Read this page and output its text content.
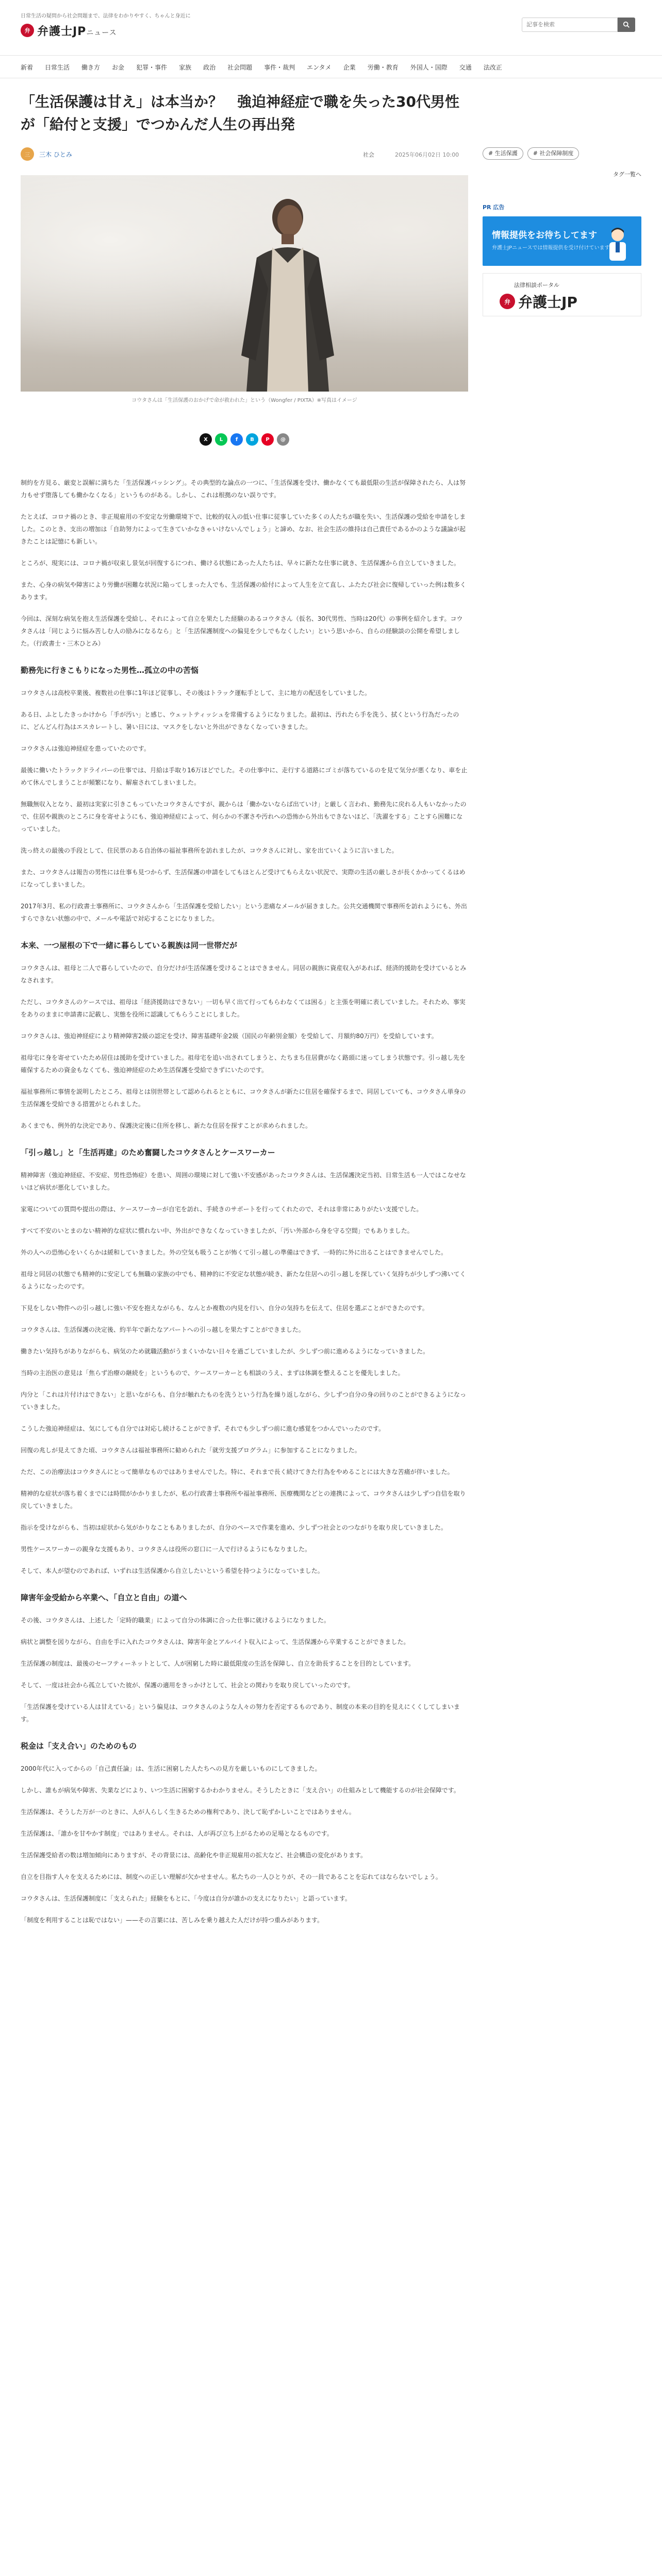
日常生活の疑問から社会問題まで、法律をわかりやすく、ちゃんと身近に
弁 弁護士JPニュース
記事を検索
新着 日常生活 働き方 お金 犯罪・事件 家族 政治 社会問題 事件・裁判 エンタメ 企業 労働・教育 外国人・国際 交通 法改正
「生活保護は甘え」は本当か？　強迫神経症で職を失った30代男性が「給付と支援」でつかんだ人生の再出発
三	三木 ひとみ	社会	2025年06月02日 10:00
コウタさんは「生活保護のおかげで命が救われた」という（Wongfer / PIXTA）※写真はイメージ
X	L	f	B	P	@

制約を方見る、厳変と誤解に満ちた「生活保護バッシング」。その典型的な論点の一つに、「生活保護を受け、働かなくても最低限の生活が保障されたら、人は努力もせず堕落しても働かなくなる」というものがある。しかし、これは根拠のない誤りです。

たとえば、コロナ禍のとき、非正規雇用の不安定な労働環境下で、比較的収入の低い仕事に従事していた多くの人たちが職を失い、生活保護の受給を申請をしました。このとき、支出の増加は「自助努力によって生きていかなきゃいけないんでしょう」と諦め、なお、社会生活の維持は自己責任であるかのような議論が起きたことは記憶にも新しい。

ところが、現実には、コロナ禍が収束し景気が回復するにつれ、働ける状態にあった人たちは、早々に新たな仕事に就き、生活保護から自立していきました。

また、心身の病気や障害により労働が困難な状況に陥ってしまった人でも、生活保護の給付によって人生を立て直し、ふたたび社会に復帰していった例は数多くあります。

今回は、深刻な病気を抱え生活保護を受給し、それによって自立を果たした経験のあるコウタさん（仮名、30代男性、当時は20代）の事例を紹介します。コウタさんは「同じように悩み苦しむ人の励みになるなら」と「生活保護制度への偏見を少しでもなくしたい」という思いから、自らの経験談の公開を希望しました。（行政書士・三木ひとみ）

勤務先に行きこもりになった男性…孤立の中の苦悩

コウタさんは高校卒業後、複数社の仕事に1年ほど従事し、その後はトラック運転手として、主に地方の配送をしていました。

ある日、ふとしたきっかけから「手が汚い」と感じ、ウェットティッシュを常備するようになりました。最初は、汚れたら手を洗う、拭くという行為だったのに、どんどん行為はエスカレートし、暑い日には、マスクをしないと外出ができなくなっていきました。

コウタさんは強迫神経症を患っていたのです。

最後に働いたトラックドライバーの仕事では、月給は手取り16万ほどでした。その仕事中に、走行する道路にゴミが落ちているのを見て気分が悪くなり、車を止めて休んでしまうことが頻繁になり、解雇されてしまいました。

無職無収入となり、最初は実家に引きこもっていたコウタさんですが、親からは「働かないならば出ていけ」と厳しく言われ、勤務先に戻れる人もいなかったので、住居や親族のところに身を寄せようにも、強迫神経症によって、何らかの不潔さや汚れへの恐怖から外出もできないほど、「洗濯をする」ことすら困難になっていました。

洗っ終えの最後の手段として、住民票のある自治体の福祉事務所を訪れましたが、コウタさんに対し、家を出ていくように言いました。

また、コウタさんは報告の男性には仕事も見つからず、生活保護の申請をしてもほとんど受けてもらえない状況で、実際の生活の厳しさが長くかかってくるはめになってしまいました。

2017年3月、私の行政書士事務所に、コウタさんから「生活保護を受給したい」という悲痛なメールが届きました。公共交通機関で事務所を訪れようにも、外出すらできない状態の中で、メールや電話で対応することになりました。

本来、一つ屋根の下で一緒に暮らしている親族は同一世帯だが

コウタさんは、祖母と二人で暮らしていたので、自分だけが生活保護を受けることはできません。同居の親族に資産収入があれば、経済的援助を受けているとみなされます。

ただし、コウタさんのケースでは、祖母は「経済援助はできない」一切も早く出て行ってもらわなくては困る」と主張を明確に表していました。それため、事実をありのままに申請書に記載し、実態を役所に認識してもらうことにしました。

コウタさんは、強迫神経症により精神障害2級の認定を受け、障害基礎年金2級（国民の年齢別金額）を受給して、月額約80万円）を受給しています。

祖母宅に身を寄せていたため居住は援助を受けていました。祖母宅を追い出されてしまうと、たちまち住居費がなく路頭に迷ってしまう状態です。引っ越し先を確保するための資金もなくても、強迫神経症のため生活保護を受給できずにいたのです。

福祉事務所に事情を説明したところ、祖母とは別世帯として認められるとともに、コウタさんが新たに住居を確保するまで、同居していても、コウタさん単身の生活保護を受給できる措置がとられました。

あくまでも、例外的な決定であり、保護決定後に住所を移し、新たな住居を探すことが求められました。

「引っ越し」と「生活再建」のため奮闘したコウタさんとケースワーカー

精神障害（強迫神経症、不安症、男性恐怖症）を患い、周囲の環境に対して強い不安感があったコウタさんは、生活保護決定当初、日常生活も一人ではこなせないほど病状が悪化していました。

家電についての質問や提出の際は、ケースワーカーが自宅を訪れ、手続きのサポートを行ってくれたので、それは非常にありがたい支援でした。

すべて不安のいとまのない精神的な症状に慣れない中、外出ができなくなっていきましたが、「汚い外部から身を守る空間」でもありました。

外の人への恐怖心をいくらかは緩和していきました。外の空気も吸うことが怖くて引っ越しの準備はできず、一時的に外に出ることはできませんでした。

祖母と同居の状態でも精神的に安定しても無職の家族の中でも、精神的に不安定な状態が続き、新たな住居への引っ越しを探していく気持ちが少しずつ沸いてくるようになったのです。

下見をしない物件への引っ越しに強い不安を抱えながらも、なんとか複数の内見を行い、自分の気持ちを伝えて、住居を選ぶことができたのです。

コウタさんは、生活保護の決定後、約半年で新たなアパートへの引っ越しを果たすことができました。

働きたい気持ちがありながらも、病気のため就職活動がうまくいかない日々を過ごしていましたが、少しずつ前に進めるようになっていきました。

当時の主治医の意見は「焦らず治療の継続を」というもので、ケースワーカーとも相談のうえ、まずは体調を整えることを優先しました。

内分と「これは片付けはできない」と思いながらも、自分が触れたものを洗うという行為を繰り返しながら、少しずつ自分の身の回りのことができるようになっていきました。

こうした強迫神経症は、気にしても自分では対応し続けることができず、それでも少しずつ前に進む感覚をつかんでいったのです。

回復の兆しが見えてきた頃、コウタさんは福祉事務所に勧められた「就労支援プログラム」に参加することになりました。

ただ、この治療法はコウタさんにとって簡単なものではありませんでした。特に、それまで長く続けてきた行為をやめることには大きな苦痛が伴いました。

精神的な症状が落ち着くまでには時間がかかりましたが、私の行政書士事務所や福祉事務所、医療機関などとの連携によって、コウタさんは少しずつ自信を取り戻していきました。

指示を受けながらも、当初は症状から気がかりなこともありましたが、自分のペースで作業を進め、少しずつ社会とのつながりを取り戻していきました。

男性ケースワーカーの親身な支援もあり、コウタさんは役所の窓口に一人で行けるようにもなりました。

そして、本人が望むのであれば、いずれは生活保護から自立したいという希望を持つようになっていました。

障害年金受給から卒業へ、「自立と自由」の道へ

その後、コウタさんは、上述した「定時的職業」によって自分の体調に合った仕事に就けるようになりました。

病状と調整を図りながら、自由を手に入れたコウタさんは、障害年金とアルバイト収入によって、生活保護から卒業することができました。

生活保護の制度は、最後のセーフティーネットとして、人が困窮した時に最低限度の生活を保障し、自立を助長することを目的としています。

そして、一度は社会から孤立していた彼が、保護の適用をきっかけとして、社会との関わりを取り戻していったのです。

「生活保護を受けている人は甘えている」という偏見は、コウタさんのような人々の努力を否定するものであり、制度の本来の目的を見えにくくしてしまいます。

税金は「支え合い」のためのもの

2000年代に入ってからの「自己責任論」は、生活に困窮した人たちへの見方を厳しいものにしてきました。

しかし、誰もが病気や障害、失業などにより、いつ生活に困窮するかわかりません。そうしたときに「支え合い」の仕組みとして機能するのが社会保障です。

生活保護は、そうした万が一のときに、人が人らしく生きるための権利であり、決して恥ずかしいことではありません。

生活保護は、「誰かを甘やかす制度」ではありません。それは、人が再び立ち上がるための足場となるものです。

生活保護受給者の数は増加傾向にありますが、その背景には、高齢化や非正規雇用の拡大など、社会構造の変化があります。

自立を目指す人々を支えるためには、制度への正しい理解が欠かせません。私たちの一人ひとりが、その一員であることを忘れてはならないでしょう。

コウタさんは、生活保護制度に「支えられた」経験をもとに、「今度は自分が誰かの支えになりたい」と語っています。

「制度を利用することは恥ではない」——その言葉には、苦しみを乗り越えた人だけが持つ重みがあります。

# 生活保護	# 社会保障制度
タグ一覧へ
PR 広告
情報提供をお待ちしてます
弁護士JPニュースでは情報提供を受け付けています
法律相談ポータル
弁 弁護士JP
